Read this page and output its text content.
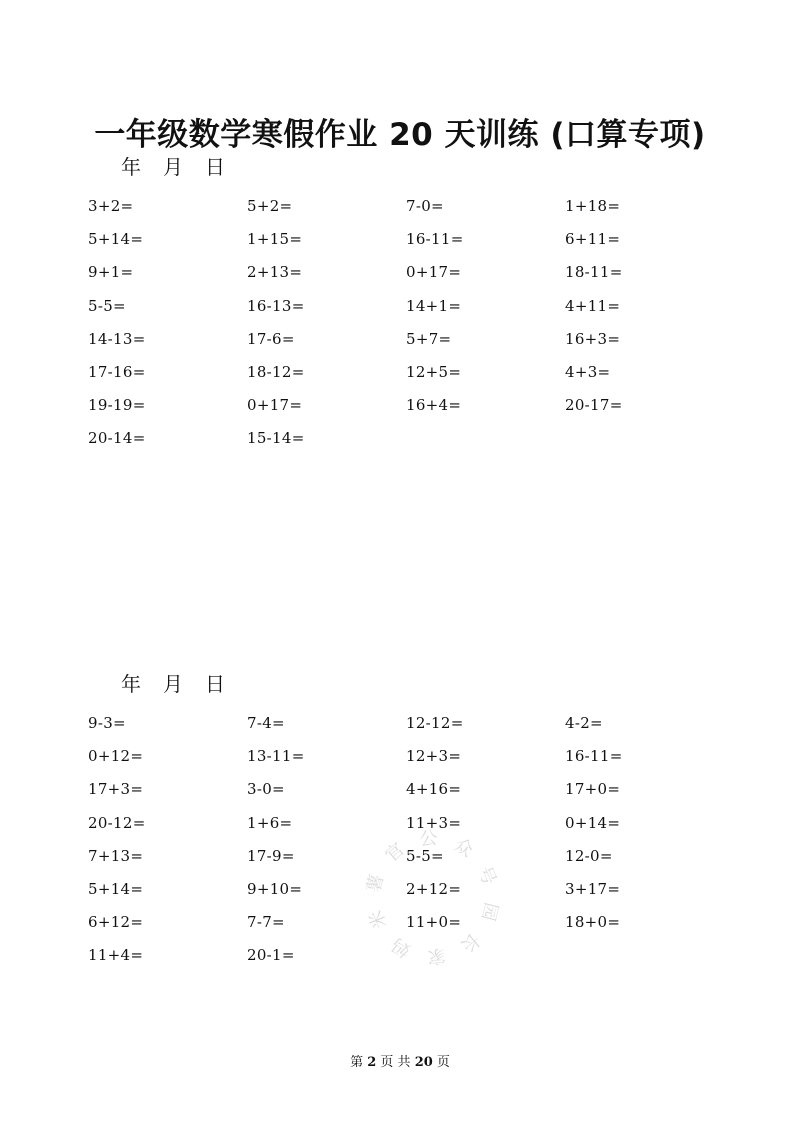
一年级数学寒假作业 20 天训练 (口算专项)
年 月 日
3+2=	5+2=	7-0=	1+18=
5+14=	1+15=	16-11=	6+11=
9+1=	2+13=	0+17=	18-11=
5-5=	16-13=	14+1=	4+11=
14-13=	17-6=	5+7=	16+3=
17-16=	18-12=	12+5=	4+3=
19-19=	0+17=	16+4=	20-17=
20-14=	15-14=
年 月 日
9-3=	7-4=	12-12=	4-2=
0+12=	13-11=	12+3=	16-11=
17+3=	3-0=	4+16=	17+0=
20-12=	1+6=	11+3=	0+14=
7+13=	17-9=	5-5=	12-0=
5+14=	9+10=	2+12=	3+17=
6+12=	7-7=	11+0=	18+0=
11+4=	20-1=
官 公 众
号
园
长
家
妈
米
薯
第 2 页 共 20 页
